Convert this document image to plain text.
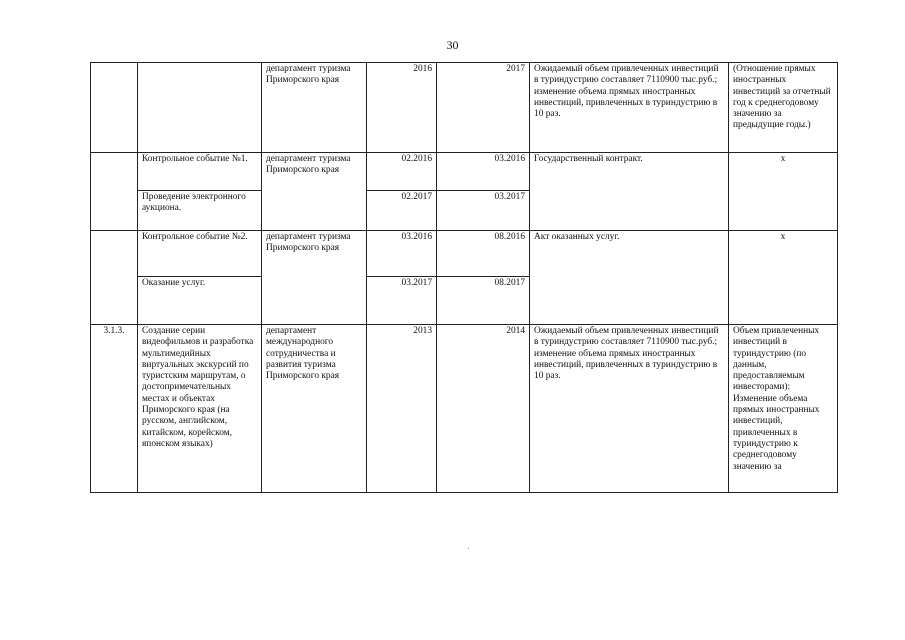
30
		департамент туризма Приморского края	2016	2017	Ожидаемый объем привлеченных инвестиций в туриндустрию составляет 7110900 тыс.руб.; изменение объема прямых иностранных инвестиций, привлеченных в туриндустрию в 10 раз.	(Отношение прямых иностранных инвестиций за отчетный год к среднегодовому значению за предыдущие годы.)
	Контрольное событие №1.	департамент туризма Приморского края	02.2016	03.2016	Государственный контракт.	x
	Проведение электронного аукциона.		02.2017	03.2017		
	Контрольное событие №2.	департамент туризма Приморского края	03.2016	08.2016	Акт оказанных услуг.	x
	Оказание услуг.		03.2017	08.2017		
3.1.3.	Создание серии видеофильмов и разработка мультимедийных виртуальных экскурсий по туристским маршрутам, о достопримечательных местах и объектах Приморского края (на русском, английском, китайском, корейском, японском языках)	департамент международного сотрудничества и развития туризма Приморского края	2013	2014	Ожидаемый объем привлеченных инвестиций в туриндустрию составляет 7110900 тыс.руб.; изменение объема прямых иностранных инвестиций, привлеченных в туриндустрию в 10 раз.	Объем привлеченных инвестиций в туриндустрию (по данным, предоставляемым инвесторами): Изменение объема прямых иностранных инвестиций, привлеченных в туриндустрию к среднегодовому значению за
